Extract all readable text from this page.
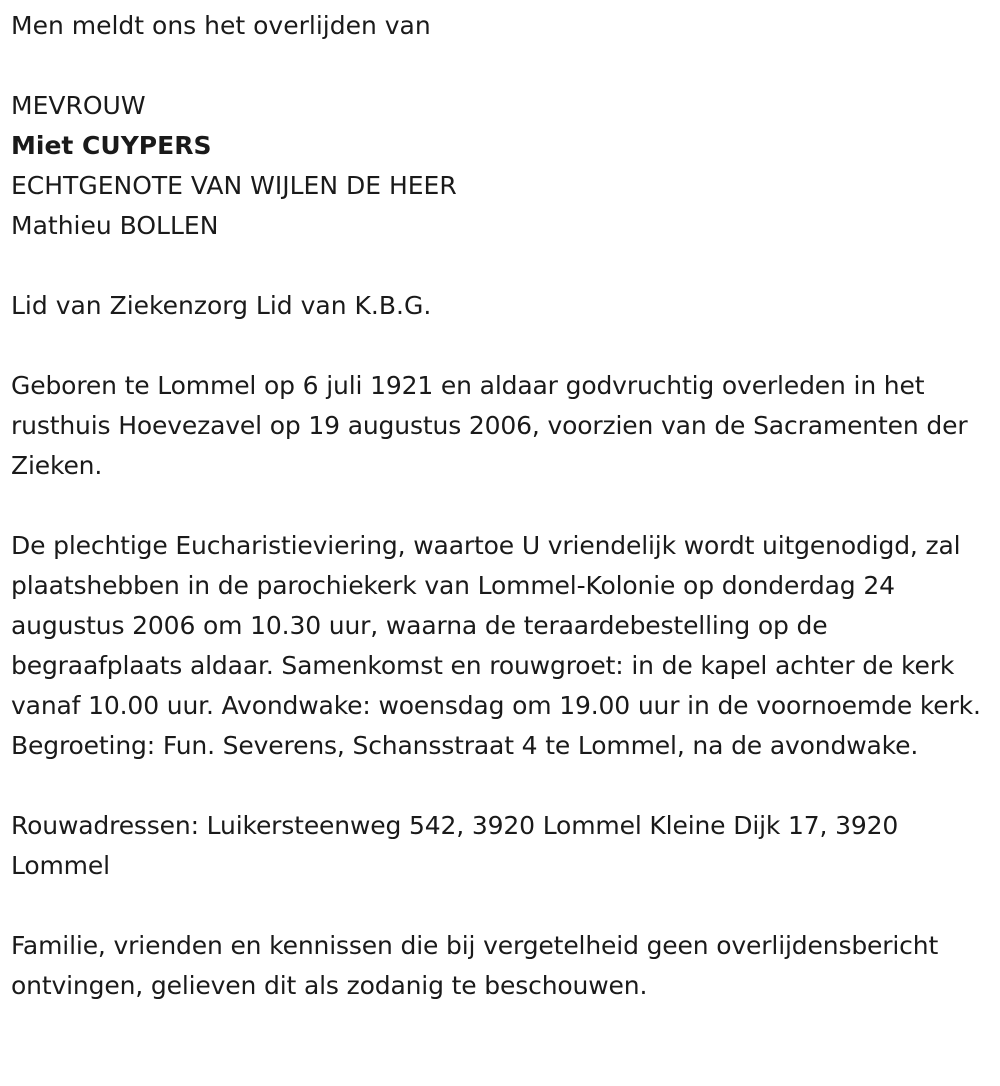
Men meldt ons het overlijden van

MEVROUW

Miet CUYPERS

ECHTGENOTE VAN WIJLEN DE HEER

Mathieu BOLLEN

Lid van Ziekenzorg Lid van K.B.G.

Geboren te Lommel op 6 juli 1921 en aldaar godvruchtig overleden in het rusthuis Hoevezavel op 19 augustus 2006, voorzien van de Sacramenten der Zieken.

De plechtige Eucharistieviering, waartoe U vriendelijk wordt uitgenodigd, zal plaatshebben in de parochiekerk van Lommel-Kolonie op donderdag 24 augustus 2006 om 10.30 uur, waarna de teraardebestelling op de begraafplaats aldaar. Samenkomst en rouwgroet: in de kapel achter de kerk vanaf 10.00 uur. Avondwake: woensdag om 19.00 uur in de voornoemde kerk. Begroeting: Fun. Severens, Schansstraat 4 te Lommel, na de avondwake.

Rouwadressen: Luikersteenweg 542, 3920 Lommel Kleine Dijk 17, 3920 Lommel

Familie, vrienden en kennissen die bij vergetelheid geen overlijdensbericht ontvingen, gelieven dit als zodanig te beschouwen.
